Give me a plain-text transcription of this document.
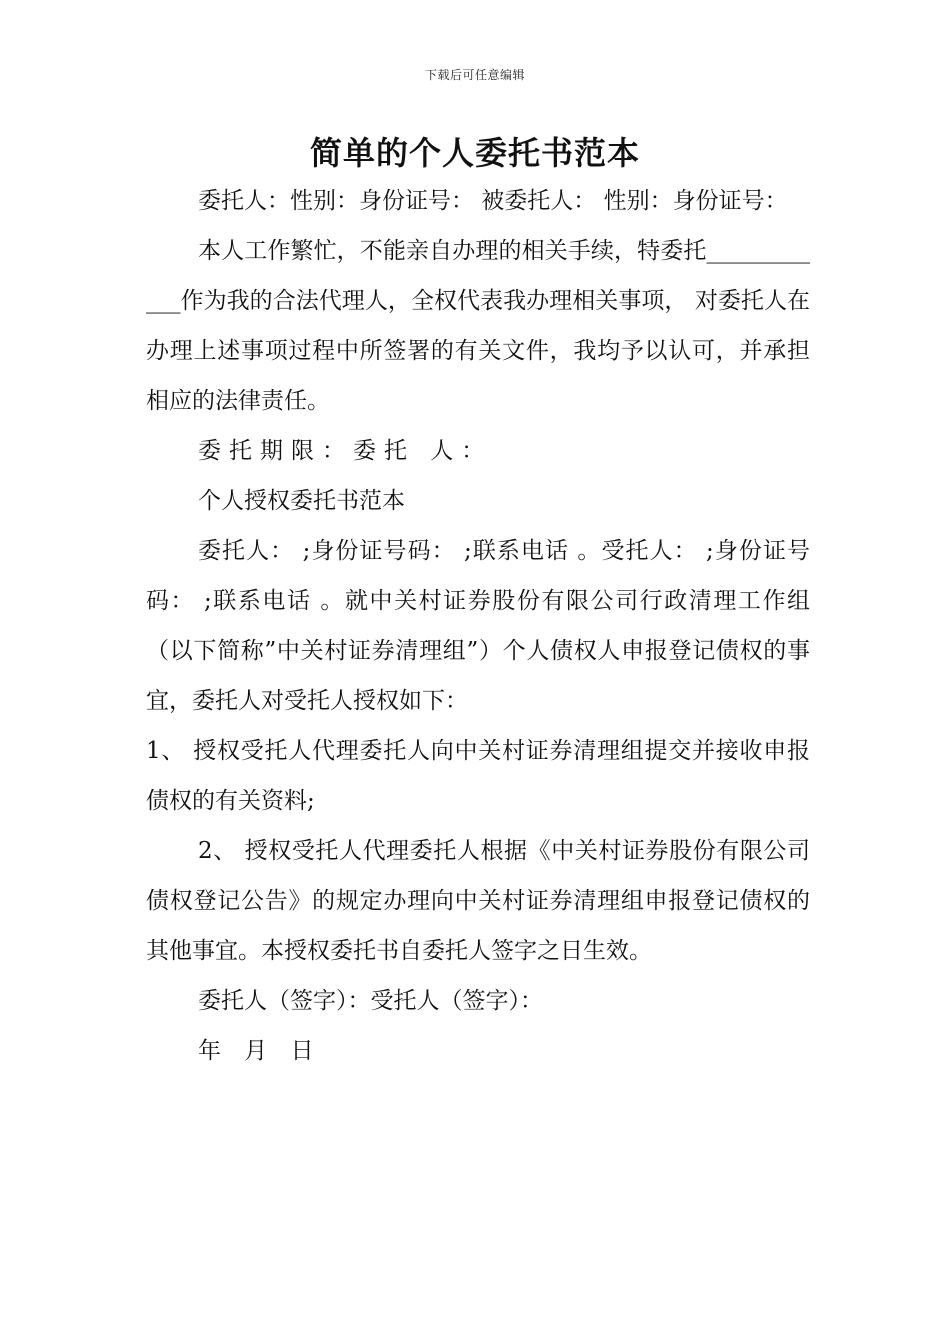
下载后可任意编辑
简单的个人委托书范本

委托人：性别：身份证号： 被委托人： 性别：身份证号：

本人工作繁忙，不能亲自办理的相关手续，特委托____________作为我的合法代理人，全权代表我办理相关事项， 对委托人在办理上述事项过程中所签署的有关文件，我均予以认可，并承担相应的法律责任。

委托期限：委托 人：

个人授权委托书范本

委托人： ;身份证号码： ;联系电话 。受托人： ;身份证号码： ;联系电话 。就中关村证券股份有限公司行政清理工作组（以下简称”中关村证券清理组”）个人债权人申报登记债权的事宜，委托人对受托人授权如下：

1、 授权受托人代理委托人向中关村证券清理组提交并接收申报债权的有关资料;

2、 授权受托人代理委托人根据《中关村证券股份有限公司债权登记公告》的规定办理向中关村证券清理组申报登记债权的其他事宜。本授权委托书自委托人签字之日生效。

委托人（签字）：受托人（签字）：

年 月 日
